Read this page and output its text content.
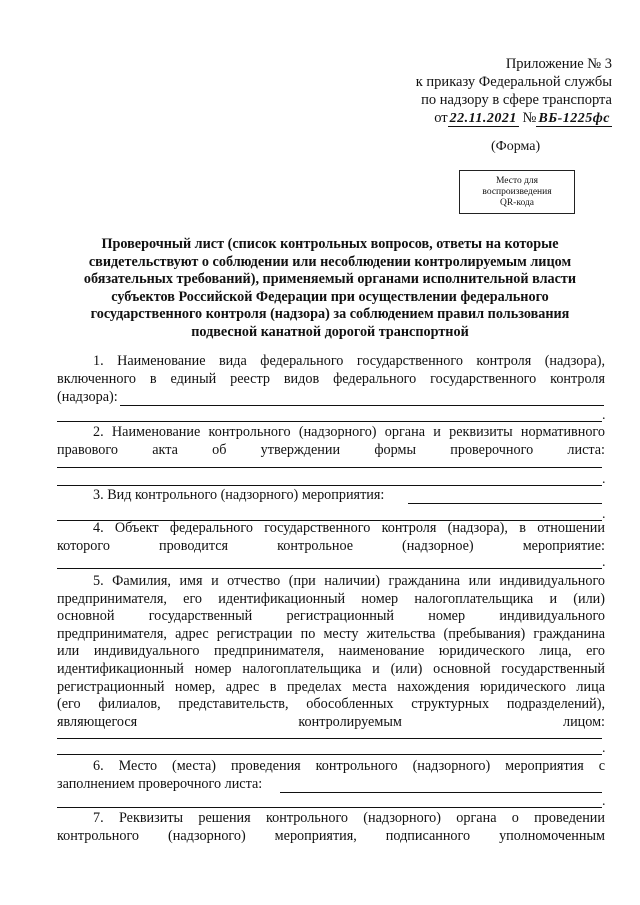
Приложение № 3
к приказу Федеральной службы
по надзору в сфере транспорта
от 22.11.2021 № ВБ-1225фс
(Форма)
Место для
воспроизведения
QR-кода
Проверочный лист (список контрольных вопросов, ответы на которые
свидетельствуют о соблюдении или несоблюдении контролируемым лицом
обязательных требований), применяемый органами исполнительной власти
субъектов Российской Федерации при осуществлении федерального
государственного контроля (надзора) за соблюдением правил пользования
подвесной канатной дорогой транспортной
1. Наименование вида федерального государственного контроля (надзора),
включенного в единый реестр видов федерального государственного контроля
(надзора):
.
2. Наименование контрольного (надзорного) органа и реквизиты нормативного
правового акта об утверждении формы проверочного листа:
.
3. Вид контрольного (надзорного) мероприятия:
.
4. Объект федерального государственного контроля (надзора), в отношении
которого проводится контрольное (надзорное) мероприятие:
.
5. Фамилия, имя и отчество (при наличии) гражданина или индивидуального
предпринимателя, его идентификационный номер налогоплательщика и (или)
основной государственный регистрационный номер индивидуального
предпринимателя, адрес регистрации по месту жительства (пребывания) гражданина
или индивидуального предпринимателя, наименование юридического лица, его
идентификационный номер налогоплательщика и (или) основной государственный
регистрационный номер, адрес в пределах места нахождения юридического лица
(его филиалов, представительств, обособленных структурных подразделений),
являющегося контролируемым лицом:
.
6. Место (места) проведения контрольного (надзорного) мероприятия с
заполнением проверочного листа:
.
7. Реквизиты решения контрольного (надзорного) органа о проведении
контрольного (надзорного) мероприятия, подписанного уполномоченным
